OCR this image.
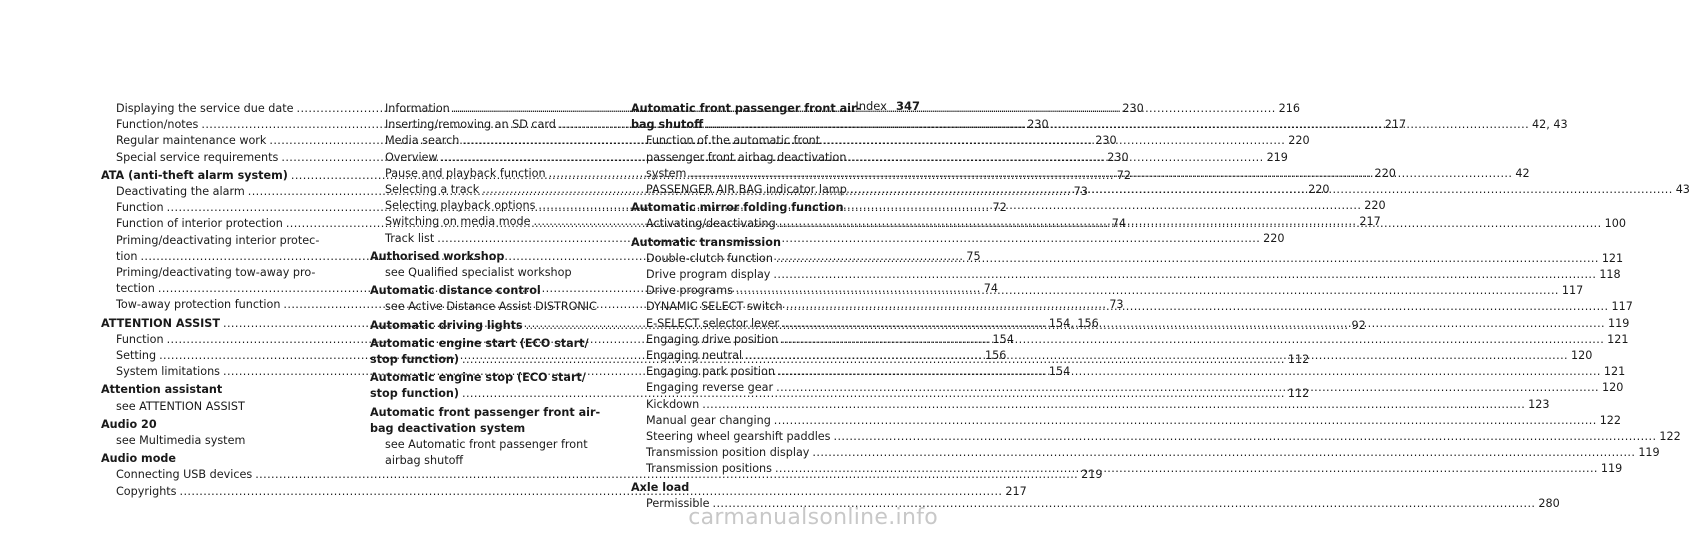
Index 347
Displaying the service due date .....	230
Function/notes .....	230
Regular maintenance work .....	230
Special service requirements .....	230
ATA (anti-theft alarm system) .....	72
Deactivating the alarm .....	73
Function .....	72
Function of interior protection .....	74
Priming/deactivating interior protec-
tion .....	75
Priming/deactivating tow-away pro-
tection .....	74
Tow-away protection function .....	73
ATTENTION ASSIST .....	154, 156
Function .....	154
Setting .....	156
System limitations .....	154
Attention assistant
see ATTENTION ASSIST
Audio 20
see Multimedia system
Audio mode
Connecting USB devices .....	219
Copyrights .....	217
Information .....	216
Inserting/removing an SD card .....	217
Media search .....	220
Overview .....	219
Pause and playback function .....	220
Selecting a track .....	220
Selecting playback options .....	220
Switching on media mode .....	217
Track list .....	220
Authorised workshop
see Qualified specialist workshop
Automatic distance control
see Active Distance Assist DISTRONIC
Automatic driving lights .....	92
Automatic engine start (ECO start/
stop function) .....	112
Automatic engine stop (ECO start/
stop function) .....	112
Automatic front passenger front air-
bag deactivation system
see Automatic front passenger front
airbag shutoff
Automatic front passenger front air-
bag shutoff .....	42, 43
Function of the automatic front
passenger front airbag deactivation
system .....	42
PASSENGER AIR BAG indicator lamp .....	43
Automatic mirror folding function
Activating/deactivating .....	100
Automatic transmission
Double-clutch function .....	121
Drive program display .....	118
Drive programs .....	117
DYNAMIC SELECT switch .....	117
E-SELECT selector lever .....	119
Engaging drive position .....	121
Engaging neutral .....	120
Engaging park position .....	121
Engaging reverse gear .....	120
Kickdown .....	123
Manual gear changing .....	122
Steering wheel gearshift paddles .....	122
Transmission position display .....	119
Transmission positions .....	119
Axle load
Permissible .....	280
carmanualsonline.info
